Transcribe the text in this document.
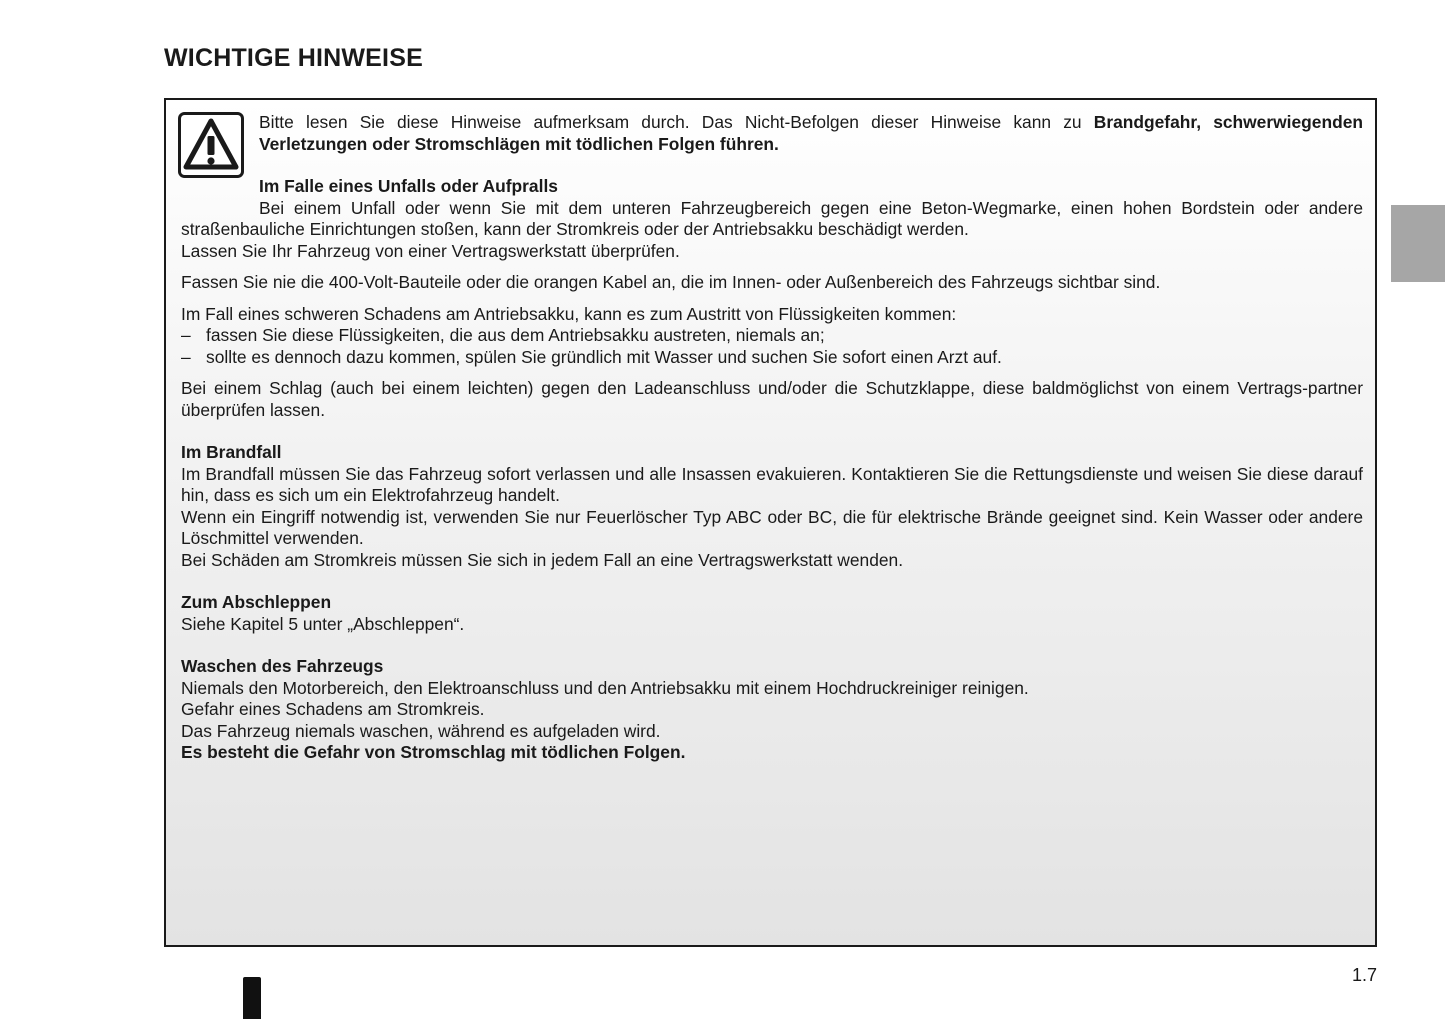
WICHTIGE HINWEISE

Bitte lesen Sie diese Hinweise aufmerksam durch. Das Nicht-Befolgen dieser Hinweise kann zu Brandgefahr, schwerwiegenden Verletzungen oder Stromschlägen mit tödlichen Folgen führen.

Im Falle eines Unfalls oder Aufpralls

Bei einem Unfall oder wenn Sie mit dem unteren Fahrzeugbereich gegen eine Beton-Wegmarke, einen hohen Bordstein oder andere straßenbauliche Einrichtungen stoßen, kann der Stromkreis oder der Antriebsakku beschädigt werden.

Lassen Sie Ihr Fahrzeug von einer Vertragswerkstatt überprüfen.

Fassen Sie nie die 400-Volt-Bauteile oder die orangen Kabel an, die im Innen- oder Außenbereich des Fahrzeugs sichtbar sind.

Im Fall eines schweren Schadens am Antriebsakku, kann es zum Austritt von Flüssigkeiten kommen:

– fassen Sie diese Flüssigkeiten, die aus dem Antriebsakku austreten, niemals an;

– sollte es dennoch dazu kommen, spülen Sie gründlich mit Wasser und suchen Sie sofort einen Arzt auf.

Bei einem Schlag (auch bei einem leichten) gegen den Ladeanschluss und/oder die Schutzklappe, diese baldmöglichst von einem Vertrags-partner überprüfen lassen.

Im Brandfall

Im Brandfall müssen Sie das Fahrzeug sofort verlassen und alle Insassen evakuieren. Kontaktieren Sie die Rettungsdienste und weisen Sie diese darauf hin, dass es sich um ein Elektrofahrzeug handelt.

Wenn ein Eingriff notwendig ist, verwenden Sie nur Feuerlöscher Typ ABC oder BC, die für elektrische Brände geeignet sind. Kein Wasser oder andere Löschmittel verwenden.

Bei Schäden am Stromkreis müssen Sie sich in jedem Fall an eine Vertragswerkstatt wenden.

Zum Abschleppen

Siehe Kapitel 5 unter „Abschleppen“.

Waschen des Fahrzeugs

Niemals den Motorbereich, den Elektroanschluss und den Antriebsakku mit einem Hochdruckreiniger reinigen.

Gefahr eines Schadens am Stromkreis.

Das Fahrzeug niemals waschen, während es aufgeladen wird.

Es besteht die Gefahr von Stromschlag mit tödlichen Folgen.

1.7
